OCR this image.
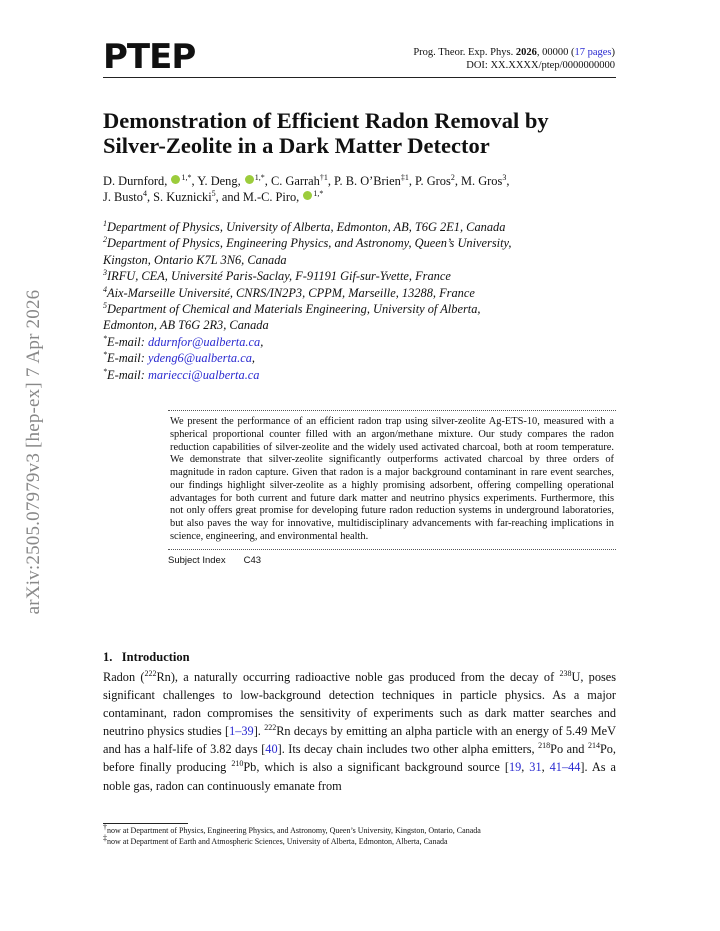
arXiv:2505.07979v3 [hep-ex] 7 Apr 2026
PTEP	Prog. Theor. Exp. Phys. 2026, 00000 (17 pages)
DOI: XX.XXXX/ptep/0000000000
Demonstration of Efficient Radon Removal by
Silver-Zeolite in a Dark Matter Detector
D. Durnford, $^{1,*}$, Y. Deng, $^{1,*}$, C. Garrah$^{\dagger 1}$, P. B. O’Brien$^{\ddagger 1}$, P. Gros$^2$, M. Gros$^3$,
J. Busto$^4$, S. Kuznicki$^5$, and M.-C. Piro, $^{1,*}$
$^1$Department of Physics, University of Alberta, Edmonton, AB, T6G 2E1, Canada
$^2$Department of Physics, Engineering Physics, and Astronomy, Queen’s University,
Kingston, Ontario K7L 3N6, Canada
$^3$IRFU, CEA, Université Paris-Saclay, F-91191 Gif-sur-Yvette, France
$^4$Aix-Marseille Université, CNRS/IN2P3, CPPM, Marseille, 13288, France
$^5$Department of Chemical and Materials Engineering, University of Alberta,
Edmonton, AB T6G 2R3, Canada
*E-mail: ddurnfor@ualberta.ca,
*E-mail: ydeng6@ualberta.ca,
*E-mail: mariecci@ualberta.ca
We present the performance of an efficient radon trap using silver-zeolite Ag-ETS-10, measured with a spherical proportional counter filled with an argon/methane mixture. Our study compares the radon reduction capabilities of silver-zeolite and the widely used activated charcoal, both at room temperature. We demonstrate that silver-zeolite significantly outperforms activated charcoal by three orders of magnitude in radon capture. Given that radon is a major background contaminant in rare event searches, our findings highlight silver-zeolite as a highly promising adsorbent, offering compelling operational advantages for both current and future dark matter and neutrino physics experiments. Furthermore, this not only offers great promise for developing future radon reduction systems in underground laboratories, but also paves the way for innovative, multidisciplinary advancements with far-reaching implications in science, engineering, and environmental health.
Subject Index C43
1. Introduction
Radon ($^{222}$Rn), a naturally occurring radioactive noble gas produced from the decay of $^{238}$U, poses significant challenges to low-background detection techniques in particle physics. As a major contaminant, radon compromises the sensitivity of experiments such as dark matter searches and neutrino physics studies [1–39]. $^{222}$Rn decays by emitting an alpha particle with an energy of 5.49 MeV and has a half-life of 3.82 days [40]. Its decay chain includes two other alpha emitters, $^{218}$Po and $^{214}$Po, before finally producing $^{210}$Pb, which is also a significant background source [19, 31, 41–44]. As a noble gas, radon can continuously emanate from
†now at Department of Physics, Engineering Physics, and Astronomy, Queen’s University, Kingston, Ontario, Canada
‡now at Department of Earth and Atmospheric Sciences, University of Alberta, Edmonton, Alberta, Canada
